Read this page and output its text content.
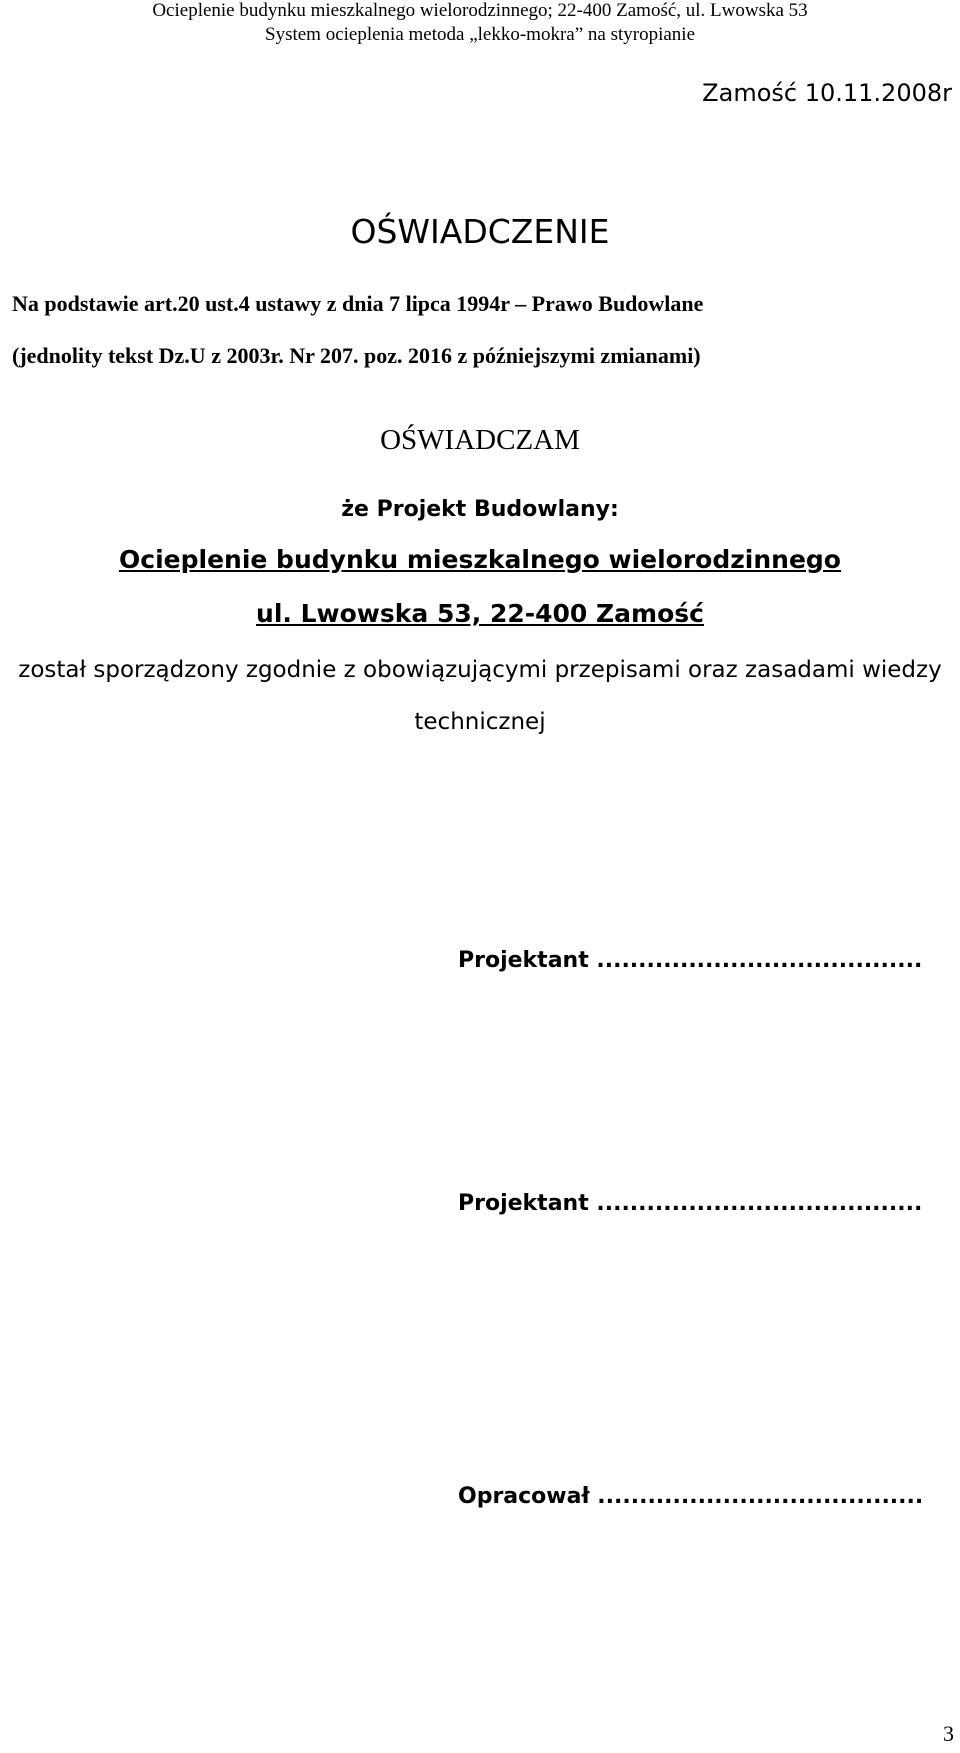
Ocieplenie budynku mieszkalnego wielorodzinnego; 22-400 Zamość, ul. Lwowska 53
System ocieplenia metoda „lekko-mokra” na styropianie
Zamość 10.11.2008r
OŚWIADCZENIE
Na podstawie art.20 ust.4 ustawy z dnia 7 lipca 1994r – Prawo Budowlane
(jednolity tekst Dz.U z 2003r. Nr 207. poz. 2016 z późniejszymi zmianami)
OŚWIADCZAM
że Projekt Budowlany:
Ocieplenie budynku mieszkalnego wielorodzinnego
ul. Lwowska 53, 22-400 Zamość
został sporządzony zgodnie z obowiązującymi przepisami oraz zasadami wiedzy
technicznej
Projektant .......................................
Projektant .......................................
Opracował .......................................
3
